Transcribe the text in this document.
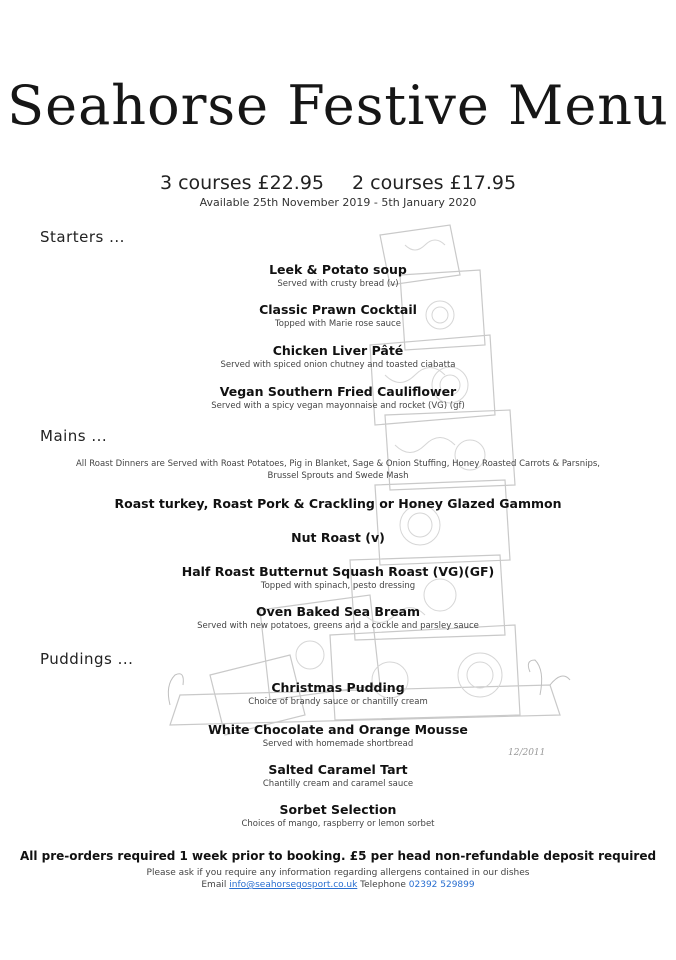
12/2011
Seahorse Festive Menu
3 courses £22.95 2 courses £17.95
Available 25th November 2019 - 5th January 2020
Starters ...
Leek & Potato soup
Served with crusty bread (v)
Classic Prawn Cocktail
Topped with Marie rose sauce
Chicken Liver Pâté
Served with spiced onion chutney and toasted ciabatta
Vegan Southern Fried Cauliflower
Served with a spicy vegan mayonnaise and rocket (VG) (gf)
Mains ...
All Roast Dinners are Served with Roast Potatoes, Pig in Blanket, Sage & Onion Stuffing, Honey Roasted Carrots & Parsnips,
Brussel Sprouts and Swede Mash
Roast turkey, Roast Pork & Crackling or Honey Glazed Gammon
Nut Roast (v)
Half Roast Butternut Squash Roast (VG)(GF)
Topped with spinach, pesto dressing
Oven Baked Sea Bream
Served with new potatoes, greens and a cockle and parsley sauce
Puddings ...
Christmas Pudding
Choice of brandy sauce or chantilly cream
White Chocolate and Orange Mousse
Served with homemade shortbread
Salted Caramel Tart
Chantilly cream and caramel sauce
Sorbet Selection
Choices of mango, raspberry or lemon sorbet
All pre-orders required 1 week prior to booking. £5 per head non-refundable deposit required
Please ask if you require any information regarding allergens contained in our dishes
Email info@seahorsegosport.co.uk Telephone 02392 529899
